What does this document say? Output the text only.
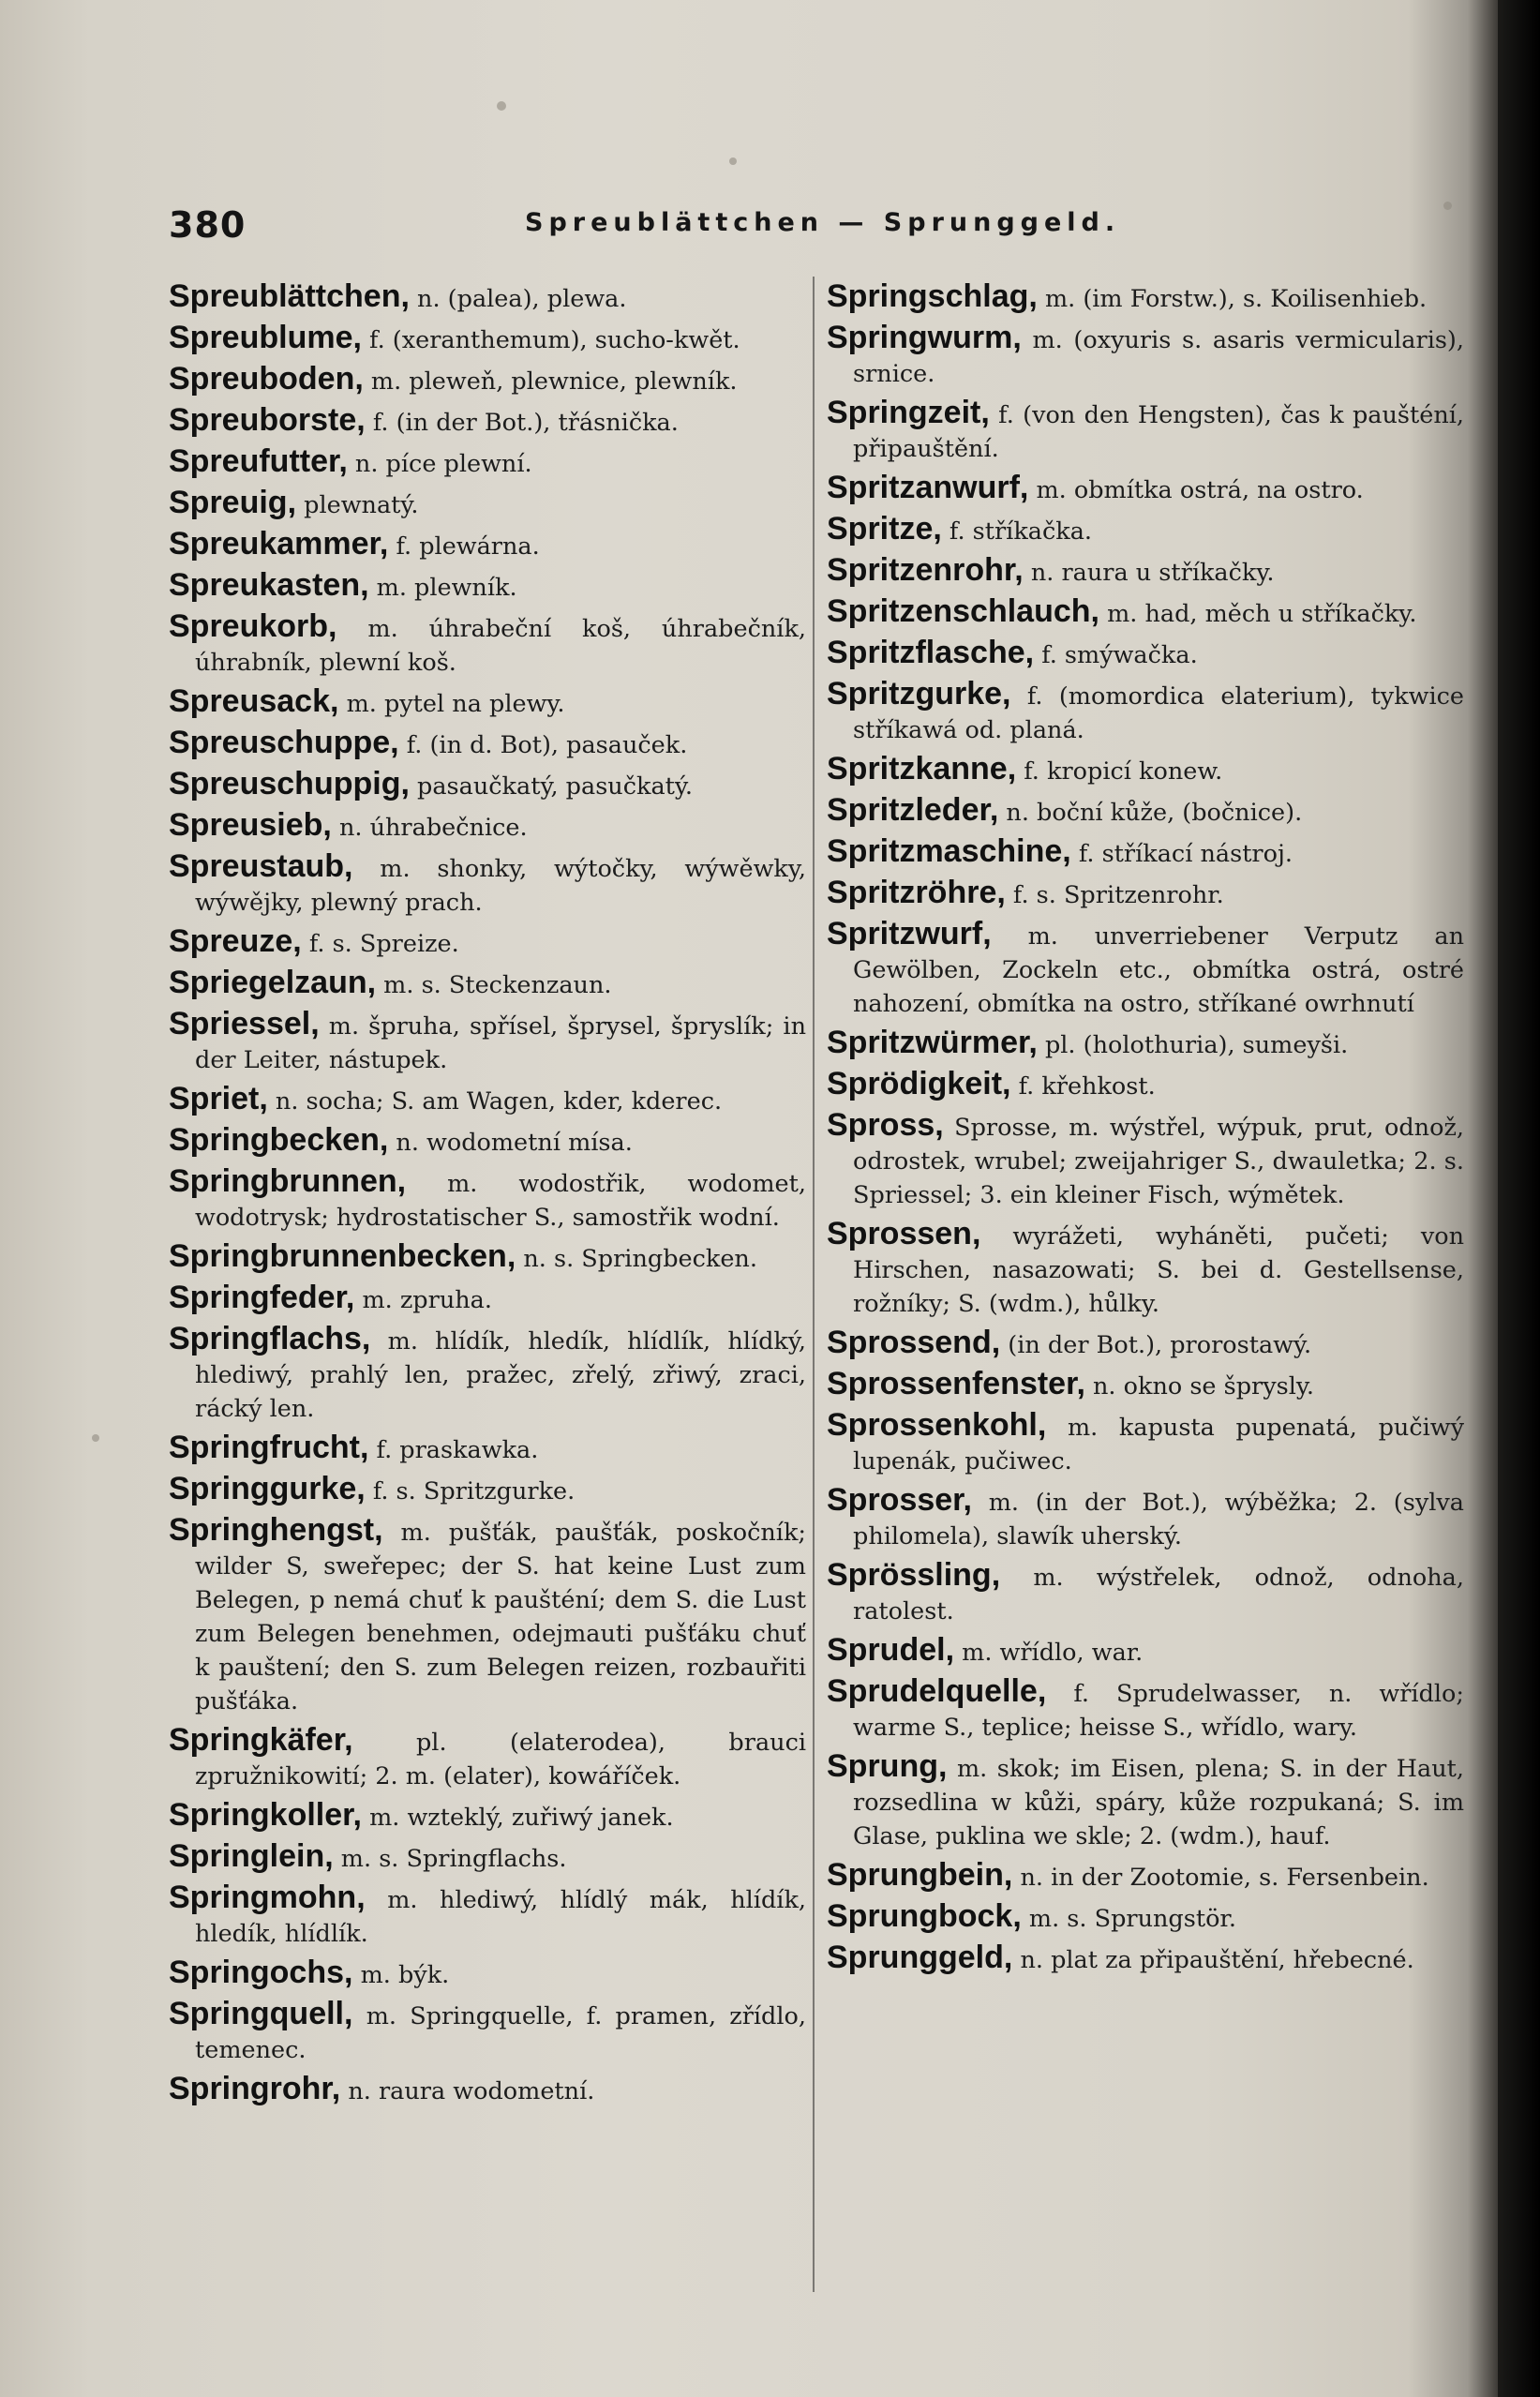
380	Spreublättchen — Sprunggeld.
Spreublättchen, n. (palea), plewa.
Spreublume, f. (xeranthemum), sucho-kwět.
Spreuboden, m. pleweň, plewnice, plewník.
Spreuborste, f. (in der Bot.), třásnička.
Spreufutter, n. píce plewní.
Spreuig, plewnatý.
Spreukammer, f. plewárna.
Spreukasten, m. plewník.
Spreukorb, m. úhrabeční koš, úhrabečník, úhrabník, plewní koš.
Spreusack, m. pytel na plewy.
Spreuschuppe, f. (in d. Bot), pasauček.
Spreuschuppig, pasaučkatý, pasučkatý.
Spreusieb, n. úhrabečnice.
Spreustaub, m. shonky, wýtočky, wýwěwky, wýwějky, plewný prach.
Spreuze, f. s. Spreize.
Spriegelzaun, m. s. Steckenzaun.
Spriessel, m. špruha, spřísel, šprysel, špryslík; in der Leiter, nástupek.
Spriet, n. socha; S. am Wagen, kder, kderec.
Springbecken, n. wodometní mísa.
Springbrunnen, m. wodostřik, wodomet, wodotrysk; hydrostatischer S., samostřik wodní.
Springbrunnenbecken, n. s. Springbecken.
Springfeder, m. zpruha.
Springflachs, m. hlídík, hledík, hlídlík, hlídký, hlediwý, prahlý len, pražec, zřelý, zřiwý, zraci, rácký len.
Springfrucht, f. praskawka.
Springgurke, f. s. Spritzgurke.
Springhengst, m. pušťák, paušťák, poskočník; wilder S, sweřepec; der S. hat keine Lust zum Belegen, p nemá chuť k paušténí; dem S. die Lust zum Belegen benehmen, odejmauti pušťáku chuť k pauštení; den S. zum Belegen reizen, rozbauřiti pušťáka.
Springkäfer,	pl. (elaterodea), brauci zpružnikowití; 2. m. (elater), kowáříček.
Springkoller, m. wzteklý, zuřiwý janek.
Springlein, m. s. Springflachs.
Springmohn, m. hlediwý, hlídlý mák, hlídík, hledík, hlídlík.
Springochs, m. býk.
Springquell, m. Springquelle, f. pramen, zřídlo, temenec.
Springrohr, n. raura wodometní.
Springschlag, m. (im Forstw.), s. Koilisenhieb.
Springwurm, m. (oxyuris s. asaris vermicularis), srnice.
Springzeit, f. (von den Hengsten), čas k paušténí, připauštění.
Spritzanwurf, m. obmítka ostrá, na ostro.
Spritze, f. stříkačka.
Spritzenrohr, n. raura u stříkačky.
Spritzenschlauch, m. had, měch u stříkačky.
Spritzflasche, f. smýwačka.
Spritzgurke, f. (momordica elaterium), tykwice stříkawá od. planá.
Spritzkanne, f. kropicí konew.
Spritzleder, n. boční kůže, (bočnice).
Spritzmaschine, f. stříkací nástroj.
Spritzröhre, f. s. Spritzenrohr.
Spritzwurf, m. unverriebener Verputz an Gewölben, Zockeln etc., obmítka ostrá, ostré nahození, obmítka na ostro, stříkané owrhnutí
Spritzwürmer, pl. (holothuria), sumeyši.
Sprödigkeit, f. křehkost.
Spross, Sprosse, m. wýstřel, wýpuk, prut, odnož, odrostek, wrubel; zweijahriger S., dwauletka; 2. s. Spriessel; 3. ein kleiner Fisch, wýmětek.
Sprossen, wyrážeti, wyháněti, pučeti; von Hirschen, nasazowati; S. bei d. Gestellsense, rožníky; S. (wdm.), hůlky.
Sprossend, (in der Bot.), prorostawý.
Sprossenfenster, n. okno se šprysly.
Sprossenkohl, m. kapusta pupenatá, pučiwý lupenák, pučiwec.
Sprosser, m. (in der Bot.), wýběžka; 2. (sylva philomela), slawík uherský.
Sprössling, m. wýstřelek, odnož, odnoha, ratolest.
Sprudel, m. wřídlo, war.
Sprudelquelle, f. Sprudelwasser, n. wřídlo; warme S., teplice; heisse S., wřídlo, wary.
Sprung, m. skok; im Eisen, plena; S. in der Haut, rozsedlina w kůži, spáry, kůže rozpukaná; S. im Glase, puklina we skle; 2. (wdm.), hauf.
Sprungbein, n. in der Zootomie, s. Fersenbein.
Sprungbock, m. s. Sprungstör.
Sprunggeld, n. plat za připauštění, hřebecné.
